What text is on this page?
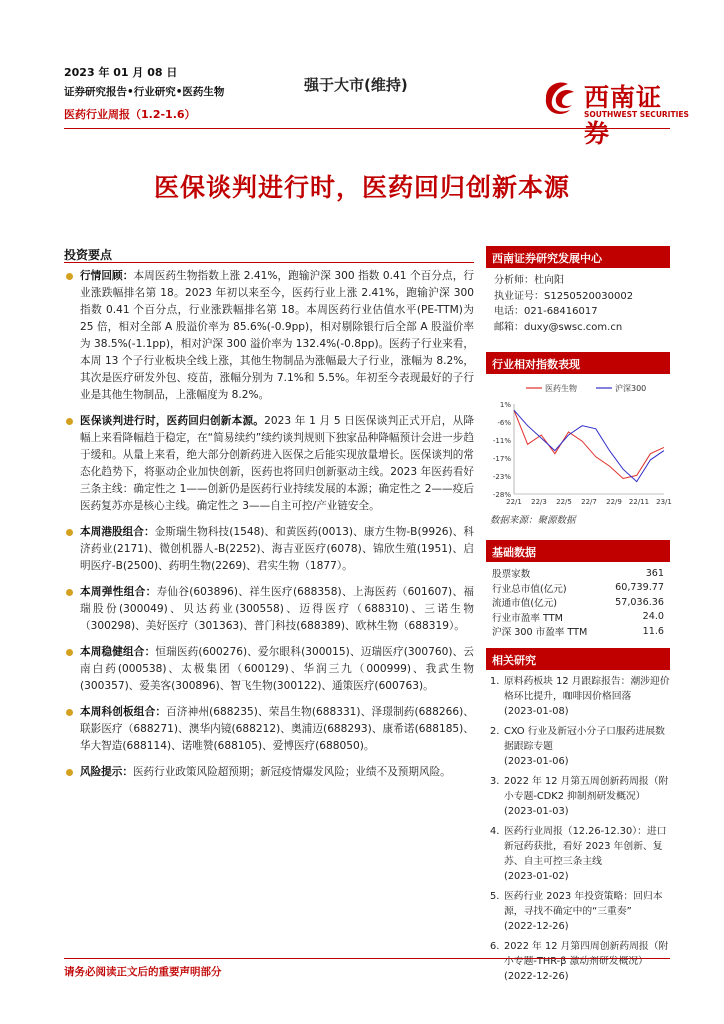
2023 年 01 月 08 日
证券研究报告•行业研究•医药生物
医药行业周报（1.2-1.6）
强于大市(维持)	西南证券
SOUTHWEST SECURITIES
医保谈判进行时，医药回归创新本源
投资要点
行情回顾：本周医药生物指数上涨 2.41%，跑输沪深 300 指数 0.41 个百分点，行业涨跌幅排名第 18。2023 年初以来至今，医药行业上涨 2.41%，跑输沪深 300 指数 0.41 个百分点，行业涨跌幅排名第 18。本周医药行业估值水平(PE-TTM)为 25 倍，相对全部 A 股溢价率为 85.6%(-0.9pp)，相对剔除银行后全部 A 股溢价率为 38.5%(-1.1pp)，相对沪深 300 溢价率为 132.4%(-0.8pp)。医药子行业来看，本周 13 个子行业板块全线上涨，其他生物制品为涨幅最大子行业，涨幅为 8.2%，其次是医疗研发外包、疫苗，涨幅分别为 7.1%和 5.5%。年初至今表现最好的子行业是其他生物制品，上涨幅度为 8.2%。
医保谈判进行时，医药回归创新本源。2023 年 1 月 5 日医保谈判正式开启，从降幅上来看降幅趋于稳定，在“简易续约”续约谈判规则下独家品种降幅预计会进一步趋于缓和。从量上来看，绝大部分创新药进入医保之后能实现放量增长。医保谈判的常态化趋势下，将驱动企业加快创新，医药也将回归创新驱动主线。2023 年医药看好三条主线：确定性之 1——创新仍是医药行业持续发展的本源；确定性之 2——疫后医药复苏亦是核心主线。确定性之 3——自主可控/产业链安全。
本周港股组合：金斯瑞生物科技(1548)、和黄医药(0013)、康方生物-B(9926)、科济药业(2171)、微创机器人-B(2252)、海吉亚医疗(6078)、锦欣生殖(1951)、启明医疗-B(2500)、药明生物(2269)、君实生物（1877）。
本周弹性组合：寿仙谷(603896)、祥生医疗(688358)、上海医药（601607)、福瑞股份(300049)、贝达药业(300558)、迈得医疗（688310)、三诺生物（300298)、美好医疗（301363)、普门科技(688389)、欧林生物（688319）。
本周稳健组合：恒瑞医药(600276)、爱尔眼科(300015)、迈瑞医疗(300760)、云南白药(000538)、太极集团（600129)、华润三九（000999)、我武生物(300357)、爱美客(300896)、智飞生物(300122)、通策医疗(600763)。
本周科创板组合：百济神州(688235)、荣昌生物(688331)、泽璟制药(688266)、联影医疗（688271)、澳华内镜(688212)、奥浦迈(688293)、康希诺(688185)、华大智造(688114)、诺唯赞(688105)、爱博医疗(688050)。
风险提示：医药行业政策风险超预期；新冠疫情爆发风险；业绩不及预期风险。
西南证券研究发展中心
分析师：杜向阳
执业证号：S1250520030002
电话：021-68416017
邮箱：duxy@swsc.com.cn
行业相对指数表现
医药生物	沪深300
1%
-6%
-11%
-17%
-23%
-28%
22/1 22/3 22/5 22/7 22/9 22/11 23/1
数据来源：聚源数据
基础数据
股票家数	361
行业总市值(亿元)	60,739.77
流通市值(亿元)	57,036.36
行业市盈率 TTM	24.0
沪深 300 市盈率 TTM	11.6
相关研究
1. 原料药板块 12 月跟踪报告：潮涉迎价格环比提升，咖啡因价格回落
(2023-01-08)
2. CXO 行业及新冠小分子口服药进展数据跟踪专题
(2023-01-06)
3. 2022 年 12 月第五周创新药周报（附小专题-CDK2 抑制剂研发概况）
(2023-01-03)
4. 医药行业周报（12.26-12.30）：进口新冠药获批，看好 2023 年创新、复苏、自主可控三条主线
(2023-01-02)
5. 医药行业 2023 年投资策略：回归本源，寻找不确定中的“三重奏”
(2022-12-26)
6. 2022 年 12 月第四周创新药周报（附小专题-THR-β 激动剂研发概况）
(2022-12-26)
请务必阅读正文后的重要声明部分
